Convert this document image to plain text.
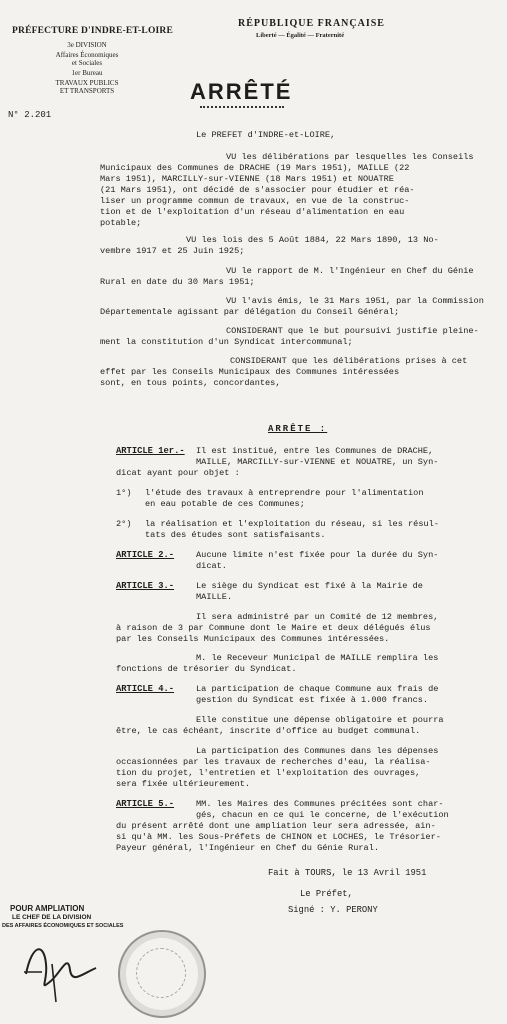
PRÉFECTURE D'INDRE-ET-LOIRE
3e DIVISION
Affaires Économiques
et Sociales
1er Bureau
TRAVAUX PUBLICS
ET TRANSPORTS
RÉPUBLIQUE FRANÇAISE
Liberté — Égalité — Fraternité
ARRÊTÉ
N° 2.201
Le PREFET d'INDRE-et-LOIRE,
VU les délibérations par lesquelles les Conseils
Municipaux des Communes de DRACHE (19 Mars 1951), MAILLE (22
Mars 1951), MARCILLY-sur-VIENNE (18 Mars 1951) et NOUATRE
(21 Mars 1951), ont décidé de s'associer pour étudier et réa-
liser un programme commun de travaux, en vue de la construc-
tion et de l'exploitation d'un réseau d'alimentation en eau
potable;
VU les lois des 5 Août 1884, 22 Mars 1890, 13 No-
vembre 1917 et 25 Juin 1925;
VU le rapport de M. l'Ingénieur en Chef du Génie
Rural en date du 30 Mars 1951;
VU l'avis émis, le 31 Mars 1951, par la Commission
Départementale agissant par délégation du Conseil Général;
CONSIDERANT que le but poursuivi justifie pleine-
ment la constitution d'un Syndicat intercommunal;
CONSIDERANT que les délibérations prises à cet
effet par les Conseils Municipaux des Communes intéressées
sont, en tous points, concordantes,
ARRÊTE :
ARTICLE 1er.- Il est institué, entre les Communes de DRACHE,
MAILLE, MARCILLY-sur-VIENNE et NOUATRE, un Syn-
dicat ayant pour objet :
1°) l'étude des travaux à entreprendre pour l'alimentation
en eau potable de ces Communes;
2°) la réalisation et l'exploitation du réseau, si les résul-
tats des études sont satisfaisants.
ARTICLE 2.-	Aucune limite n'est fixée pour la durée du Syn-
dicat.
ARTICLE 3.-	Le siège du Syndicat est fixé à la Mairie de
MAILLE.
Il sera administré par un Comité de 12 membres,
à raison de 3 par Commune dont le Maire et deux délégués élus
par les Conseils Municipaux des Communes intéressées.
M. le Receveur Municipal de MAILLE remplira les
fonctions de trésorier du Syndicat.
ARTICLE 4.-	La participation de chaque Commune aux frais de
gestion du Syndicat est fixée à 1.000 francs.
Elle constitue une dépense obligatoire et pourra
être, le cas échéant, inscrite d'office au budget communal.
La participation des Communes dans les dépenses
occasionnées par les travaux de recherches d'eau, la réalisa-
tion du projet, l'entretien et l'exploitation des ouvrages,
sera fixée ultérieurement.
ARTICLE 5.-	MM. les Maires des Communes précitées sont char-
gés, chacun en ce qui le concerne, de l'exécution
du présent arrêté dont une ampliation leur sera adressée, ain-
si qu'à MM. les Sous-Préfets de CHINON et LOCHES, le Trésorier-
Payeur général, l'Ingénieur en Chef du Génie Rural.
Fait à TOURS, le 13 Avril 1951
Le Préfet,
Signé : Y. PERONY
POUR AMPLIATION
LE CHEF DE LA DIVISION
DES AFFAIRES ÉCONOMIQUES ET SOCIALES
